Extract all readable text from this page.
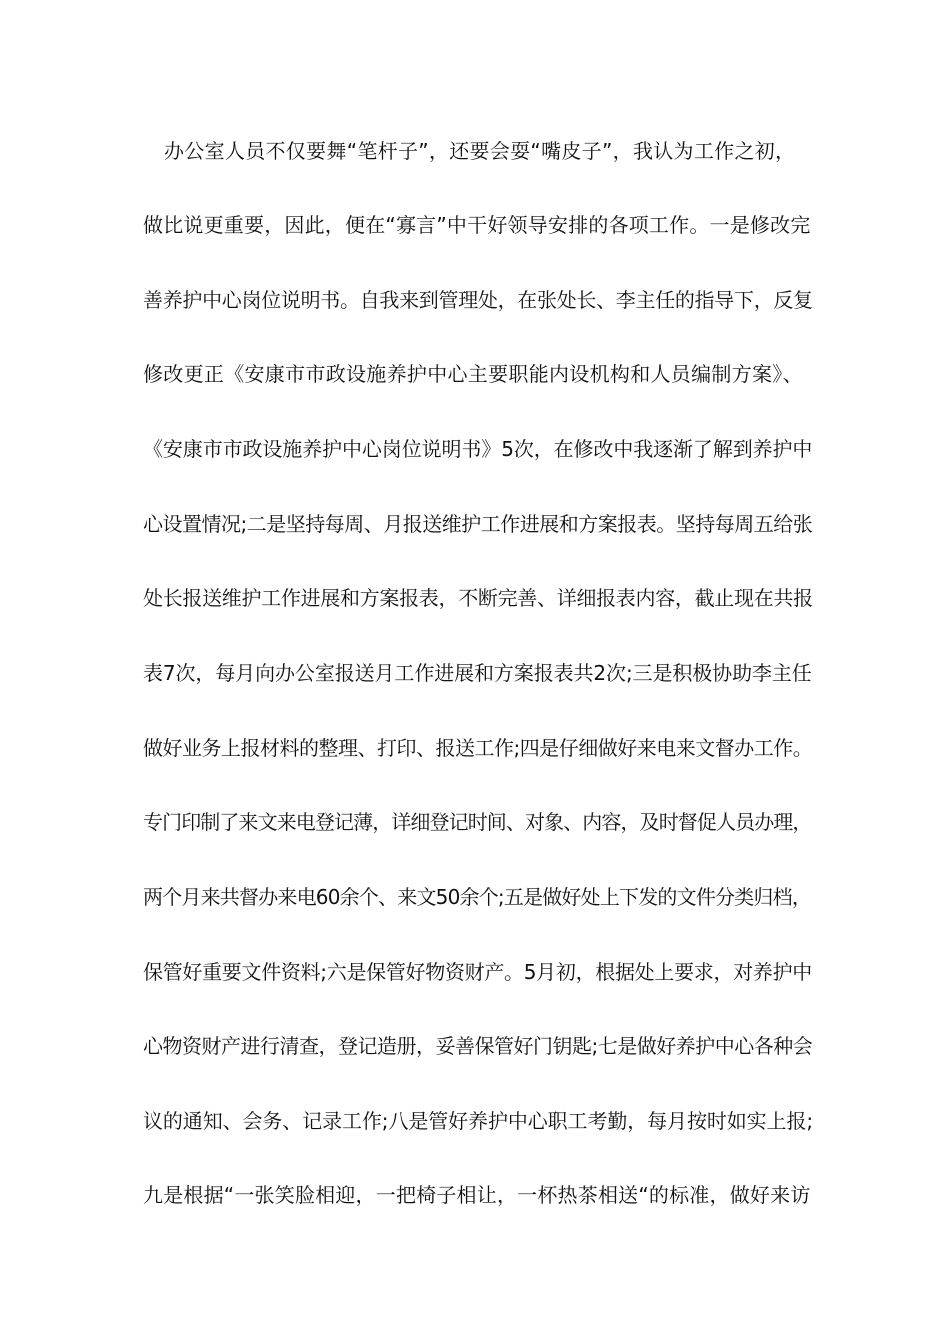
办公室人员不仅要舞“笔杆子”，还要会耍“嘴皮子”，我认为工作之初，
做比说更重要，因此，便在“寡言”中干好领导安排的各项工作。一是修改完
善养护中心岗位说明书。自我来到管理处，在张处长、李主任的指导下，反复
修改更正《安康市市政设施养护中心主要职能内设机构和人员编制方案》、
《安康市市政设施养护中心岗位说明书》5次，在修改中我逐渐了解到养护中
心设置情况;二是坚持每周、月报送维护工作进展和方案报表。坚持每周五给张
处长报送维护工作进展和方案报表，不断完善、详细报表内容，截止现在共报
表7次，每月向办公室报送月工作进展和方案报表共2次;三是积极协助李主任
做好业务上报材料的整理、打印、报送工作;四是仔细做好来电来文督办工作。
专门印制了来文来电登记薄，详细登记时间、对象、内容，及时督促人员办理，
两个月来共督办来电60余个、来文50余个;五是做好处上下发的文件分类归档，
保管好重要文件资料;六是保管好物资财产。5月初，根据处上要求，对养护中
心物资财产进行清查，登记造册，妥善保管好门钥匙;七是做好养护中心各种会
议的通知、会务、记录工作;八是管好养护中心职工考勤，每月按时如实上报;
九是根据“一张笑脸相迎，一把椅子相让，一杯热茶相送“的标准，做好来访
